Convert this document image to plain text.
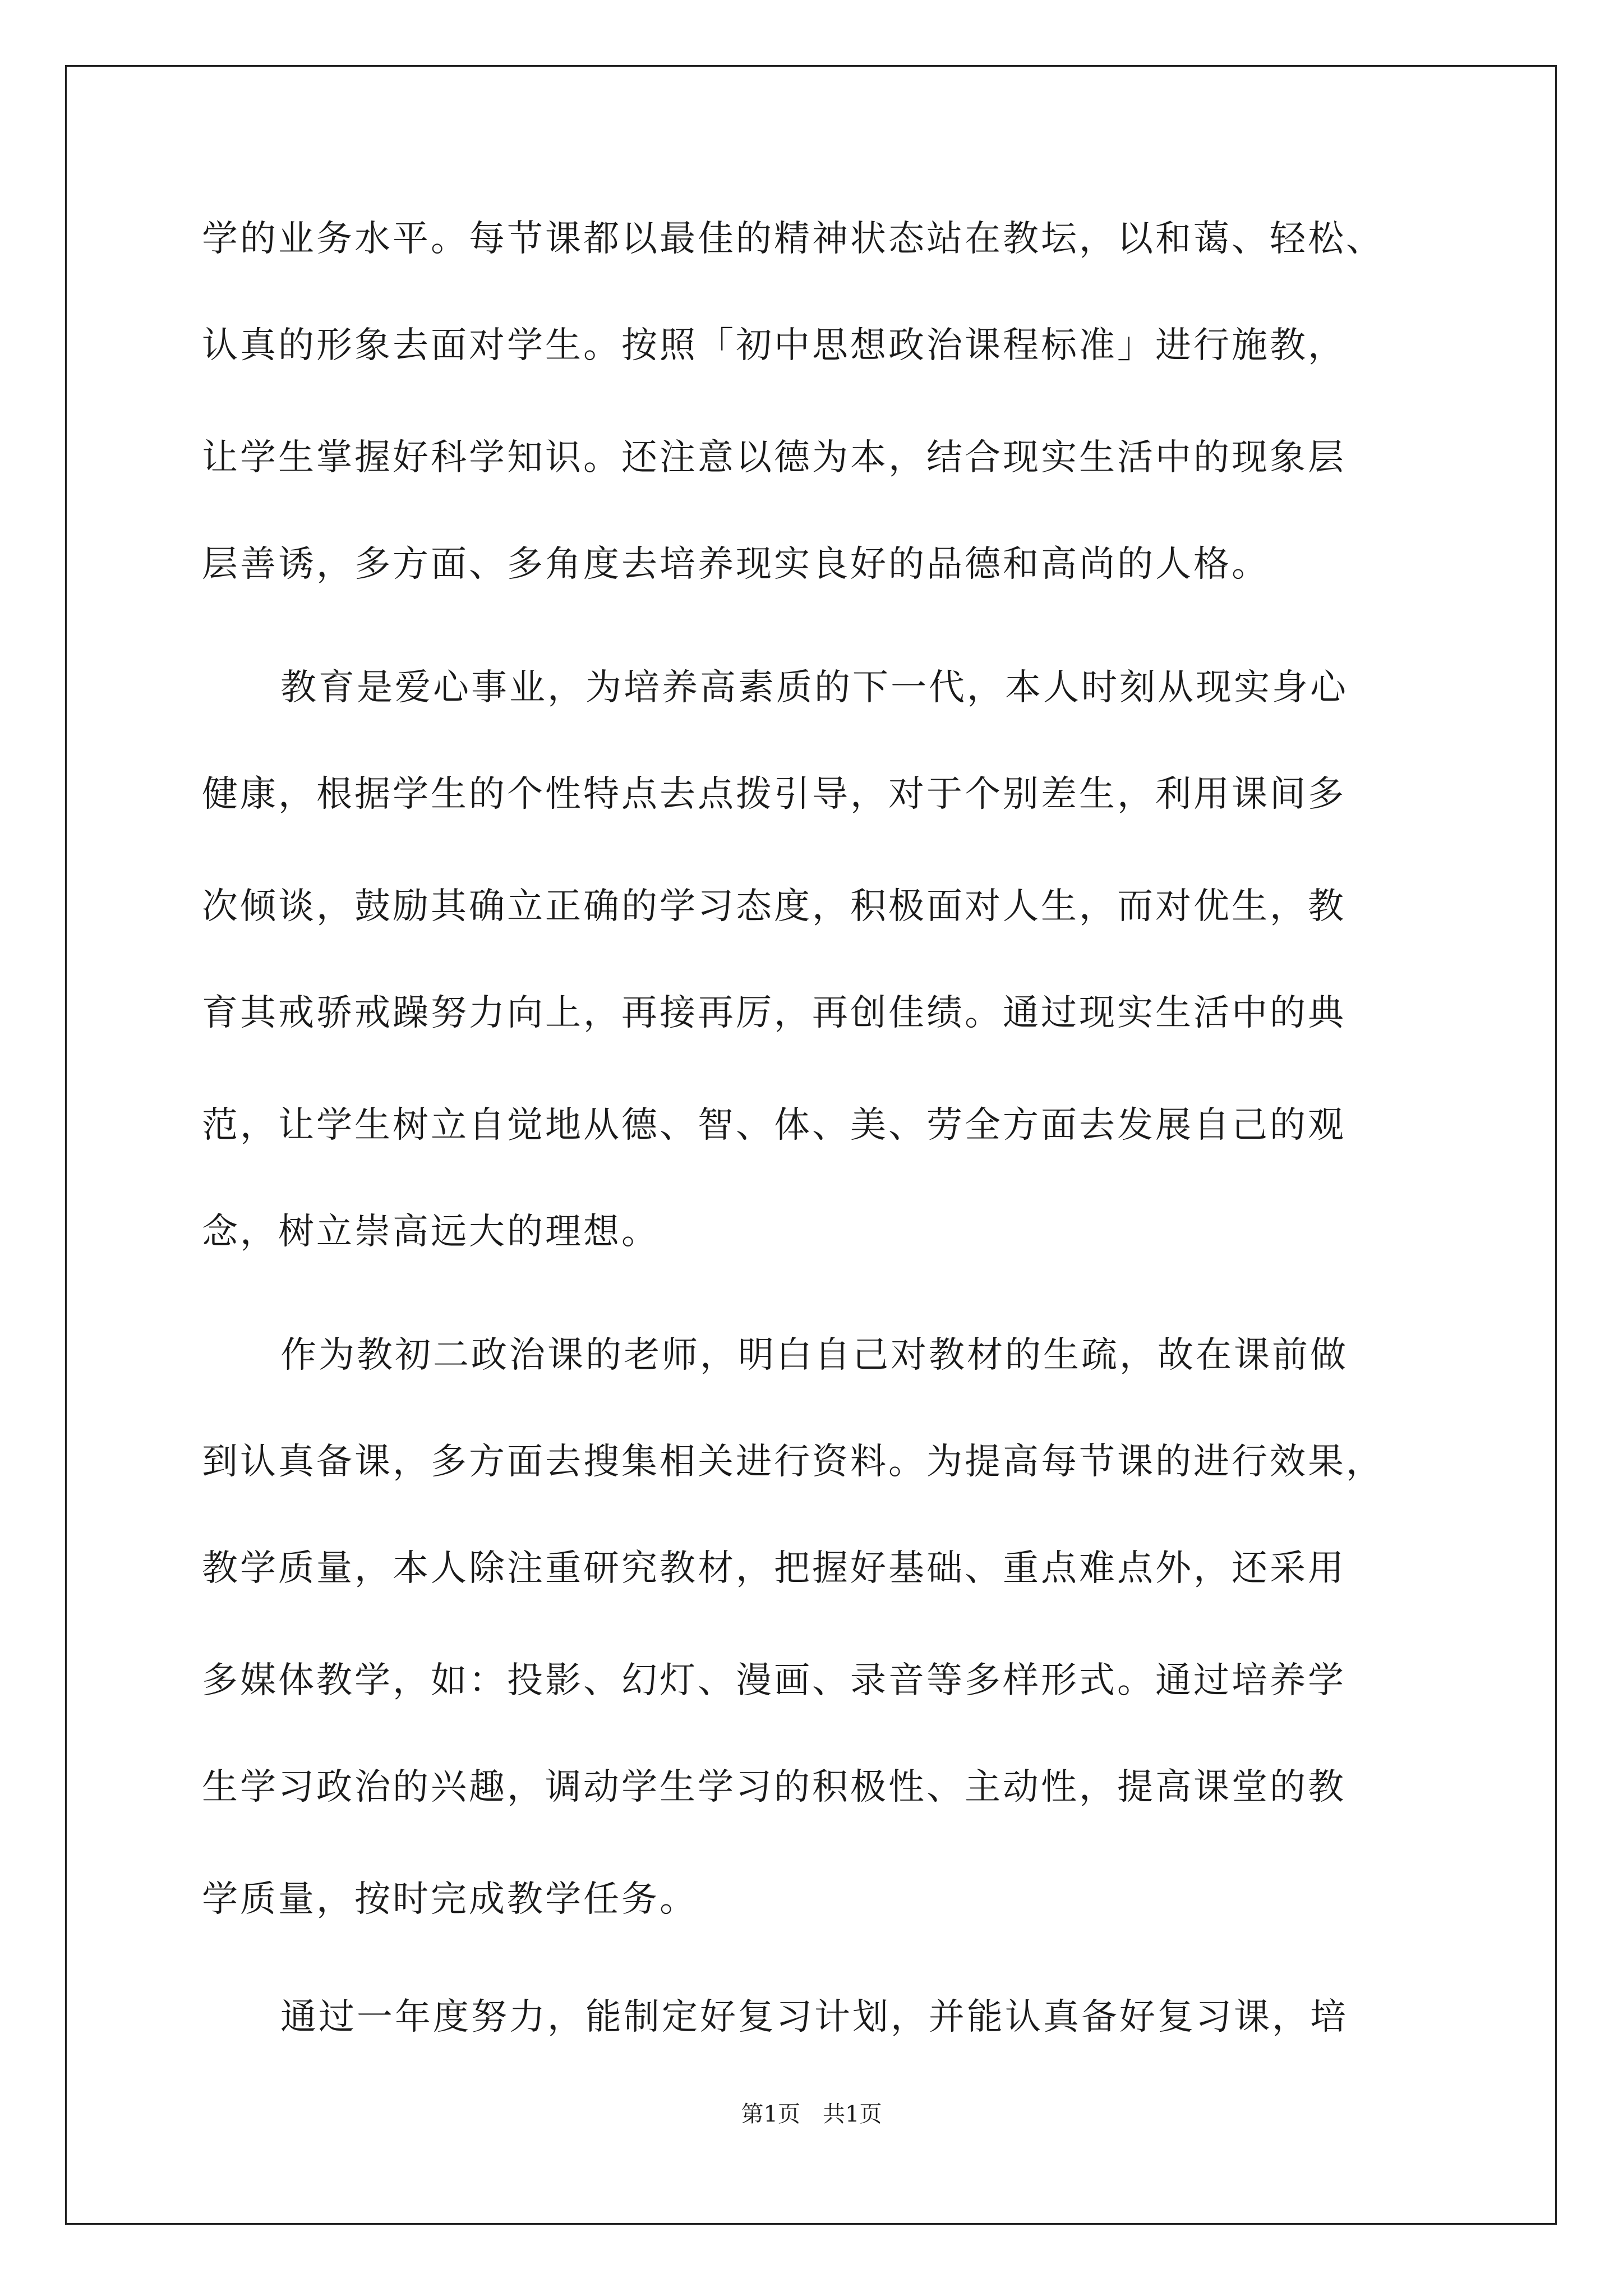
学的业务水平。每节课都以最佳的精神状态站在教坛，以和蔼、轻松、
认真的形象去面对学生。按照「初中思想政治课程标准」进行施教，
让学生掌握好科学知识。还注意以德为本，结合现实生活中的现象层
层善诱，多方面、多角度去培养现实良好的品德和高尚的人格。
教育是爱心事业，为培养高素质的下一代，本人时刻从现实身心
健康，根据学生的个性特点去点拨引导，对于个别差生，利用课间多
次倾谈，鼓励其确立正确的学习态度，积极面对人生，而对优生，教
育其戒骄戒躁努力向上，再接再厉，再创佳绩。通过现实生活中的典
范，让学生树立自觉地从德、智、体、美、劳全方面去发展自己的观
念，树立崇高远大的理想。
作为教初二政治课的老师，明白自己对教材的生疏，故在课前做
到认真备课，多方面去搜集相关进行资料。为提高每节课的进行效果，
教学质量，本人除注重研究教材，把握好基础、重点难点外，还采用
多媒体教学，如：投影、幻灯、漫画、录音等多样形式。通过培养学
生学习政治的兴趣，调动学生学习的积极性、主动性，提高课堂的教
学质量，按时完成教学任务。
通过一年度努力，能制定好复习计划，并能认真备好复习课，培
第1页 共1页
